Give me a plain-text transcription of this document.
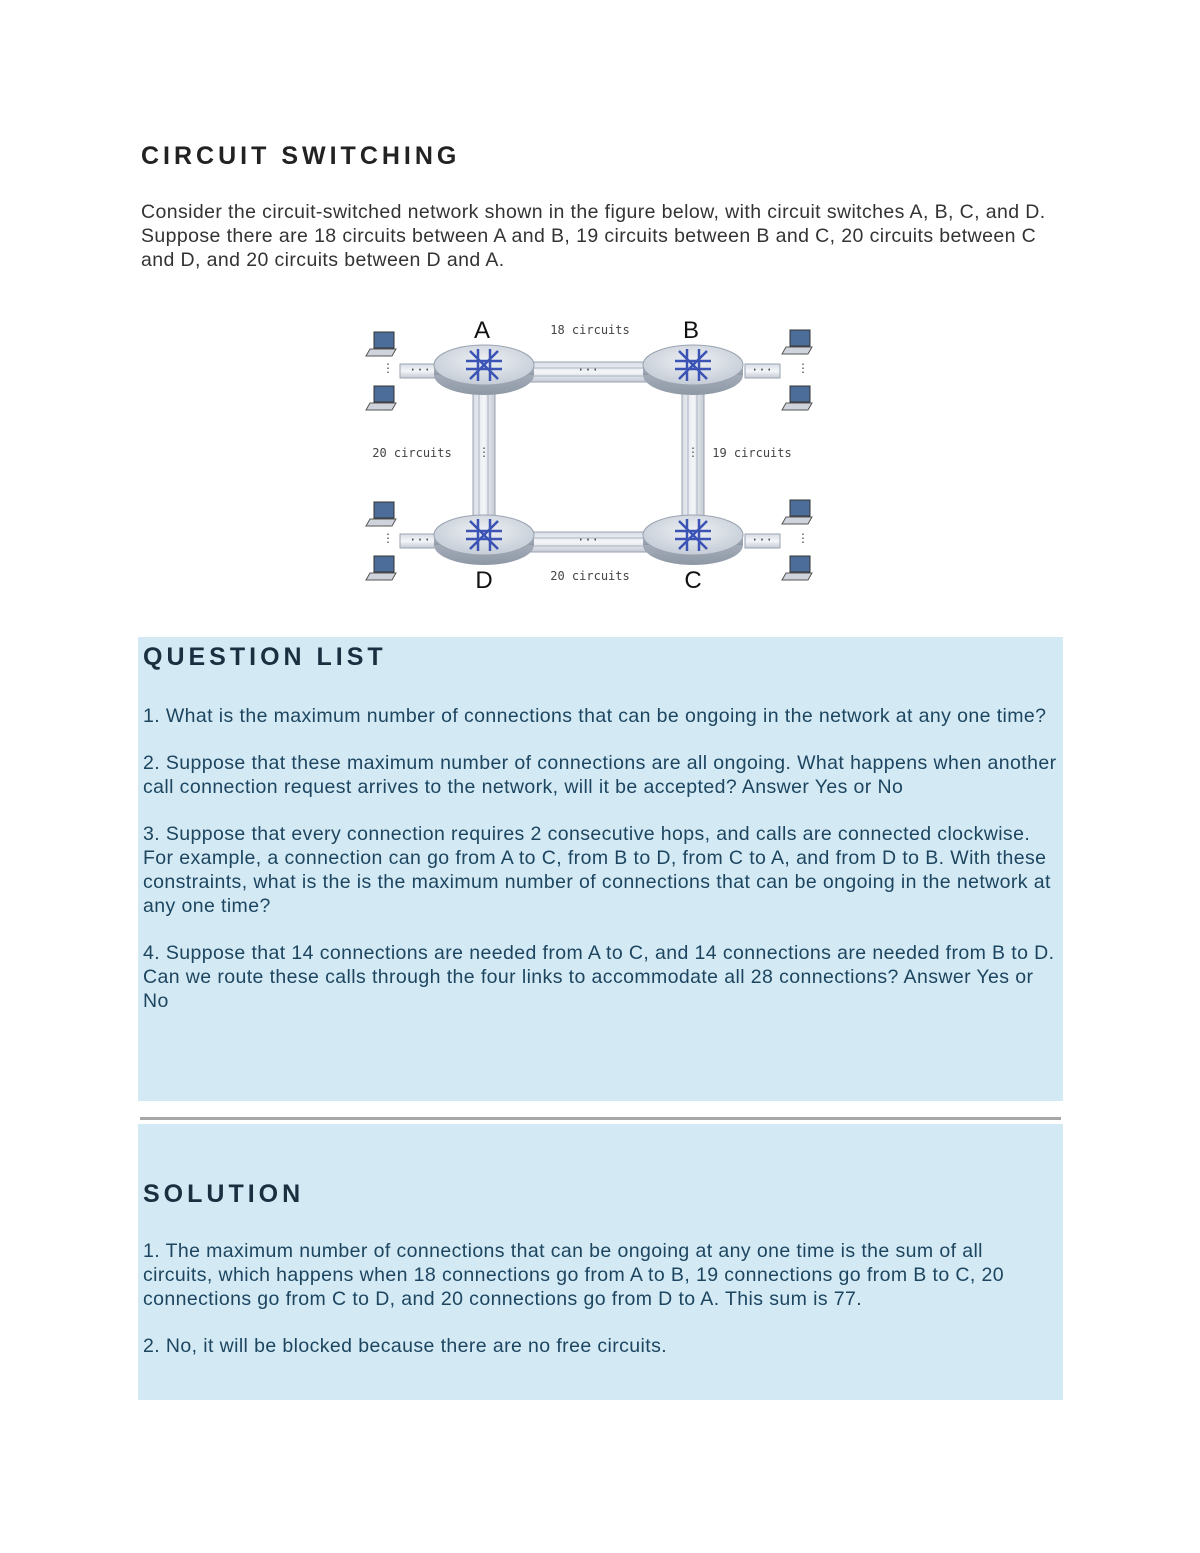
CIRCUIT SWITCHING

Consider the circuit-switched network shown in the figure below, with circuit switches A, B, C, and D. Suppose there are 18 circuits between A and B, 19 circuits between B and C, 20 circuits between C and D, and 20 circuits between D and A.

···
···
⋮	⋮
···	···
···	···
⋮	⋮
⋮	⋮
A	B
D	C
18 circuits
19 circuits
20 circuits
20 circuits
QUESTION LIST

1. What is the maximum number of connections that can be ongoing in the network at any one time?

2. Suppose that these maximum number of connections are all ongoing. What happens when another call connection request arrives to the network, will it be accepted? Answer Yes or No

3. Suppose that every connection requires 2 consecutive hops, and calls are connected clockwise. For example, a connection can go from A to C, from B to D, from C to A, and from D to B. With these constraints, what is the is the maximum number of connections that can be ongoing in the network at any one time?

4. Suppose that 14 connections are needed from A to C, and 14 connections are needed from B to D. Can we route these calls through the four links to accommodate all 28 connections? Answer Yes or No

SOLUTION

1. The maximum number of connections that can be ongoing at any one time is the sum of all circuits, which happens when 18 connections go from A to B, 19 connections go from B to C, 20 connections go from C to D, and 20 connections go from D to A. This sum is 77.

2. No, it will be blocked because there are no free circuits.
